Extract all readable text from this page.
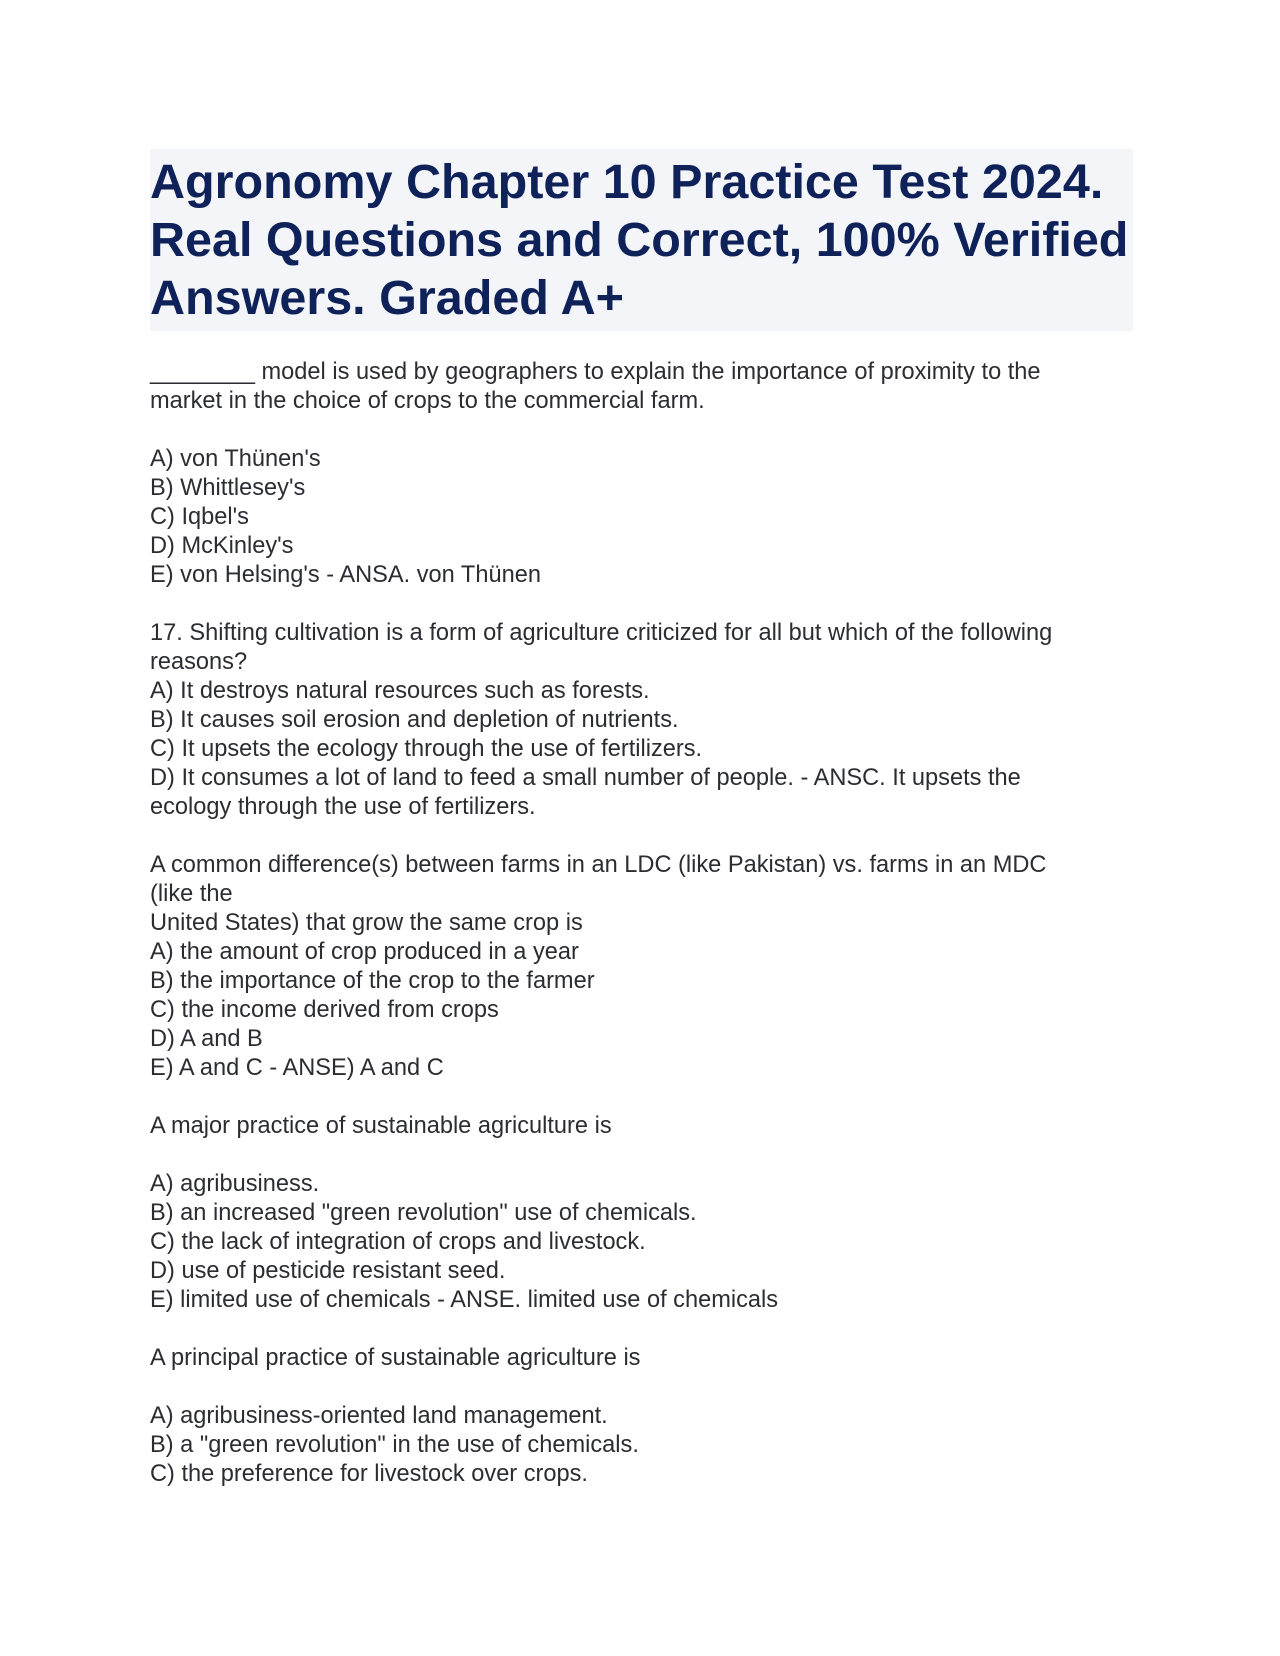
Agronomy Chapter 10 Practice Test 2024. Real Questions and Correct, 100% Verified Answers. Graded A+
________ model is used by geographers to explain the importance of proximity to the
market in the choice of crops to the commercial farm.
A) von Thünen's
B) Whittlesey's
C) Iqbel's
D) McKinley's
E) von Helsing's - ANSA. von Thünen
17. Shifting cultivation is a form of agriculture criticized for all but which of the following
reasons?
A) It destroys natural resources such as forests.
B) It causes soil erosion and depletion of nutrients.
C) It upsets the ecology through the use of fertilizers.
D) It consumes a lot of land to feed a small number of people. - ANSC. It upsets the
ecology through the use of fertilizers.
A common difference(s) between farms in an LDC (like Pakistan) vs. farms in an MDC
(like the
United States) that grow the same crop is
A) the amount of crop produced in a year
B) the importance of the crop to the farmer
C) the income derived from crops
D) A and B
E) A and C - ANSE) A and C
A major practice of sustainable agriculture is
A) agribusiness.
B) an increased "green revolution" use of chemicals.
C) the lack of integration of crops and livestock.
D) use of pesticide resistant seed.
E) limited use of chemicals - ANSE. limited use of chemicals
A principal practice of sustainable agriculture is
A) agribusiness-oriented land management.
B) a "green revolution" in the use of chemicals.
C) the preference for livestock over crops.
